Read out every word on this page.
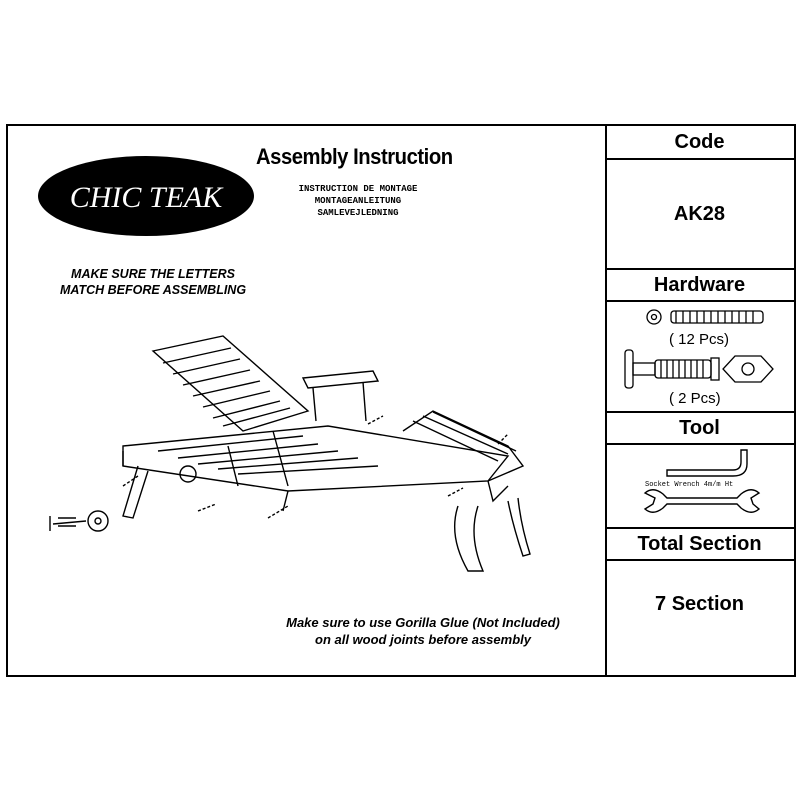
CHIC TEAK
Assembly Instruction
INSTRUCTION DE MONTAGE
MONTAGEANLEITUNG
SAMLEVEJLEDNING
MAKE SURE THE LETTERS
MATCH BEFORE ASSEMBLING
Make sure to use Gorilla Glue (Not Included)
on all wood joints before assembly
Code
AK28
Hardware
( 12 Pcs)
( 2 Pcs)
Tool
Socket Wrench 4m/m Ht
Total Section
7 Section
